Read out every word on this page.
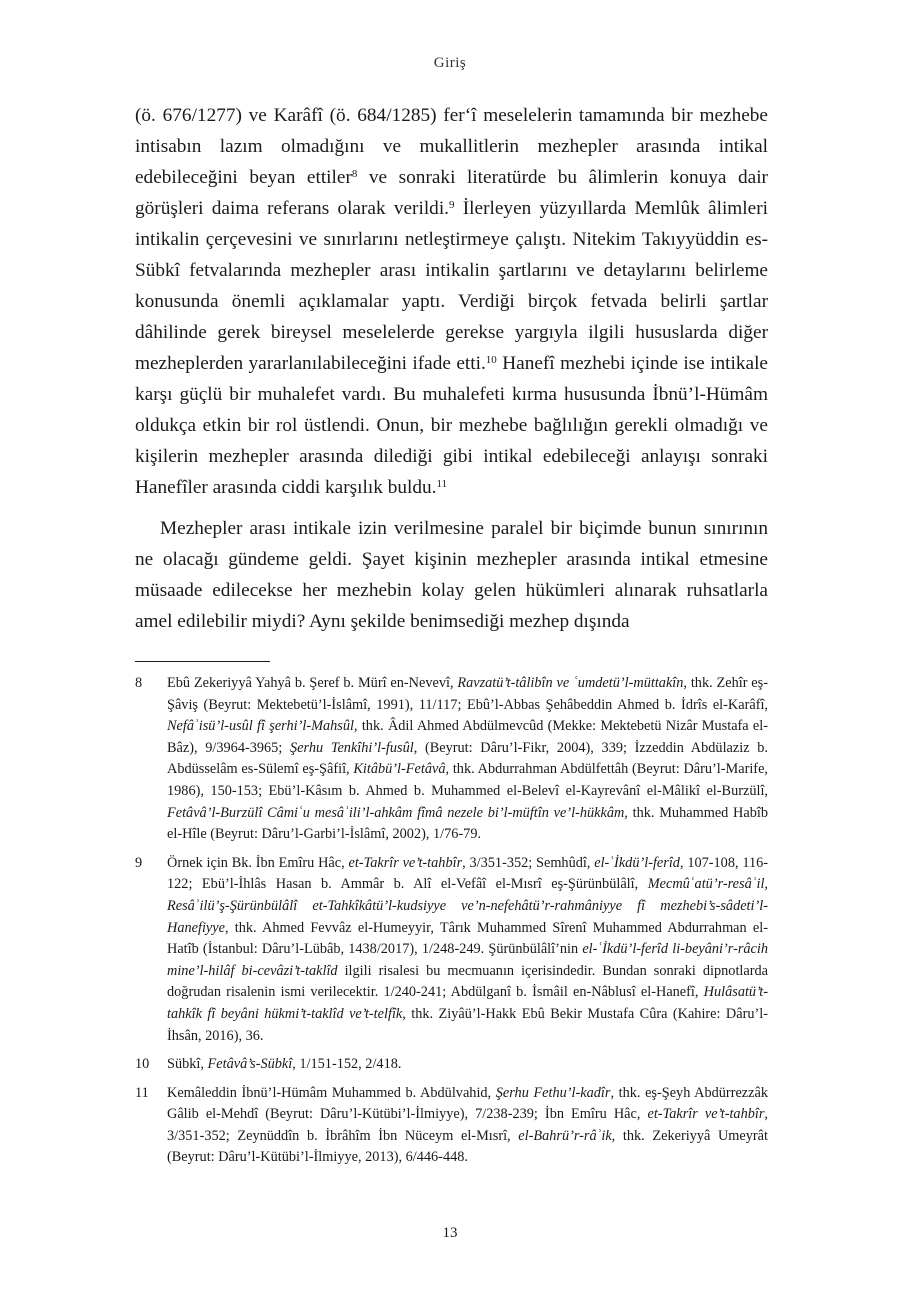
Giriş

(ö. 676/1277) ve Karâfî (ö. 684/1285) fer‘î meselelerin tamamında bir mezhebe intisabın lazım olmadığını ve mukallitlerin mezhepler arasında intikal edebileceğini beyan ettiler$^8$ ve sonraki literatürde bu âlimlerin konuya dair görüşleri daima referans olarak verildi.$^9$ İlerleyen yüzyıllarda Memlûk âlimleri intikalin çerçevesini ve sınırlarını netleştirmeye çalıştı. Nitekim Takıyyüddin es-Sübkî fetvalarında mezhepler arası intikalin şartlarını ve detaylarını belirleme konusunda önemli açıklamalar yaptı. Verdiği birçok fetvada belirli şartlar dâhilinde gerek bireysel meselelerde gerekse yargıyla ilgili hususlarda diğer mezheplerden yararlanılabileceğini ifade etti.$^{10}$ Hanefî mezhebi içinde ise intikale karşı güçlü bir muhalefet vardı. Bu muhalefeti kırma hususunda İbnü’l-Hümâm oldukça etkin bir rol üstlendi. Onun, bir mezhebe bağlılığın gerekli olmadığı ve kişilerin mezhepler arasında dilediği gibi intikal edebileceği anlayışı sonraki Hanefîler arasında ciddi karşılık buldu.$^{11}$

Mezhepler arası intikale izin verilmesine paralel bir biçimde bunun sınırının ne olacağı gündeme geldi. Şayet kişinin mezhepler arasında intikal etmesine müsaade edilecekse her mezhebin kolay gelen hükümleri alınarak ruhsatlarla amel edilebilir miydi? Aynı şekilde benimsediği mezhep dışında

8 Ebû Zekeriyyâ Yahyâ b. Şeref b. Mürî en-Nevevî, Ravzatü’t-tâlibîn ve ʿumdetü’l-müttakîn, thk. Zehîr eş-Şâviş (Beyrut: Mektebetü’l-İslâmî, 1991), 11/117; Ebû’l-Abbas Şehâbeddin Ahmed b. İdrîs el-Karâfî, Nefâʾisü’l-usûl fî şerhi’l-Mahsûl, thk. Âdil Ahmed Abdülmevcûd (Mekke: Mektebetü Nizâr Mustafa el-Bâz), 9/3964-3965; Şerhu Tenkîhi’l-fusûl, (Beyrut: Dâru’l-Fikr, 2004), 339; İzzeddin Abdülaziz b. Abdüsselâm es-Sülemî eş-Şâfiî, Kitâbü’l-Fetâvâ, thk. Abdurrahman Abdülfettâh (Beyrut: Dâru’l-Marife, 1986), 150-153; Ebü’l-Kâsım b. Ahmed b. Muhammed el-Belevî el-Kayrevânî el-Mâlikî el-Burzülî, Fetâvâ’l-Burzülî Câmiʿu mesâʾili’l-ahkâm fîmâ nezele bi’l-müftîn ve’l-hükkâm, thk. Muhammed Habîb el-Hîle (Beyrut: Dâru’l-Garbi’l-İslâmî, 2002), 1/76-79.
9 Örnek için Bk. İbn Emîru Hâc, et-Takrîr ve’t-tahbîr, 3/351-352; Semhûdî, el-ʿİkdü’l-ferîd, 107-108, 116-122; Ebü’l-İhlâs Hasan b. Ammâr b. Alî el-Vefâî el-Mısrî eş-Şürünbülâlî, Mecmûʿatü’r-resâʾil, Resâʾilü’ş-Şürünbülâlî et-Tahkîkâtü’l-kudsiyye ve’n-nefehâtü’r-rahmâniyye fî mezhebi’s-sâdeti’l-Hanefiyye, thk. Ahmed Fevvâz el-Humeyyir, Târık Muhammed Sîrenî Muhammed Abdurrahman el-Hatîb (İstanbul: Dâru’l-Lübâb, 1438/2017), 1/248-249. Şürünbülâlî’nin el-ʿİkdü’l-ferîd li-beyâni’r-râcih mine’l-hilâf bi-cevâzi’t-taklîd ilgili risalesi bu mecmuanın içerisindedir. Bundan sonraki dipnotlarda doğrudan risalenin ismi verilecektir. 1/240-241; Abdülganî b. İsmâil en-Nâblusî el-Hanefî, Hulâsatü’t-tahkîk fî beyâni hükmi’t-taklîd ve’t-telfîk, thk. Ziyâü’l-Hakk Ebû Bekir Mustafa Cûra (Kahire: Dâru’l-İhsân, 2016), 36.
10 Sübkî, Fetâvâ’s-Sübkî, 1/151-152, 2/418.
11 Kemâleddin İbnü’l-Hümâm Muhammed b. Abdülvahid, Şerhu Fethu’l-kadîr, thk. eş-Şeyh Abdürrezzâk Gâlib el-Mehdî (Beyrut: Dâru’l-Kütübi’l-İlmiyye), 7/238-239; İbn Emîru Hâc, et-Takrîr ve’t-tahbîr, 3/351-352; Zeynüddîn b. İbrâhîm İbn Nüceym el-Mısrî, el-Bahrü’r-râʾik, thk. Zekeriyyâ Umeyrât (Beyrut: Dâru’l-Kütübi’l-İlmiyye, 2013), 6/446-448.
13
